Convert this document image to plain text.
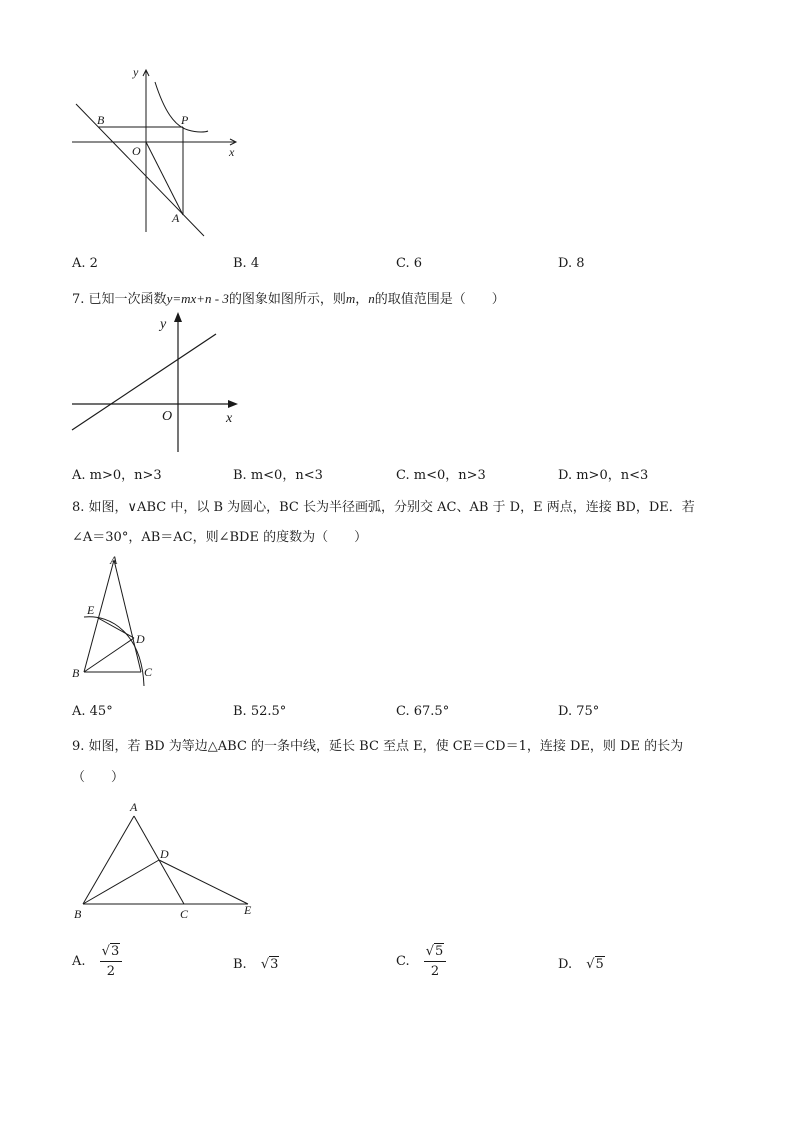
y
x
B	P
O
A
A. 2	B. 4	C. 6	D. 8
7. 已知一次函数y=mx+n - 3的图象如图所示，则m，n的取值范围是（　　）
y
O	x
A. m>0，n>3	B. m<0，n<3	C. m<0，n>3	D. m>0，n<3
8. 如图，∨ABC 中，以 B 为圆心，BC 长为半径画弧，分别交 AC、AB 于 D，E 两点，连接 BD，DE．若
∠A＝30°，AB＝AC，则∠BDE 的度数为（　　）
A
E
D
B	C
A. 45°	B. 52.5°	C. 67.5°	D. 75°
9. 如图，若 BD 为等边△ABC 的一条中线，延长 BC 至点 E，使 CE＝CD＝1，连接 DE，则 DE 的长为
（　　）
A
D
B	C	E
A. $\frac{√3}{2}$	B. √3	C. $\frac{√5}{2}$	D. √5
